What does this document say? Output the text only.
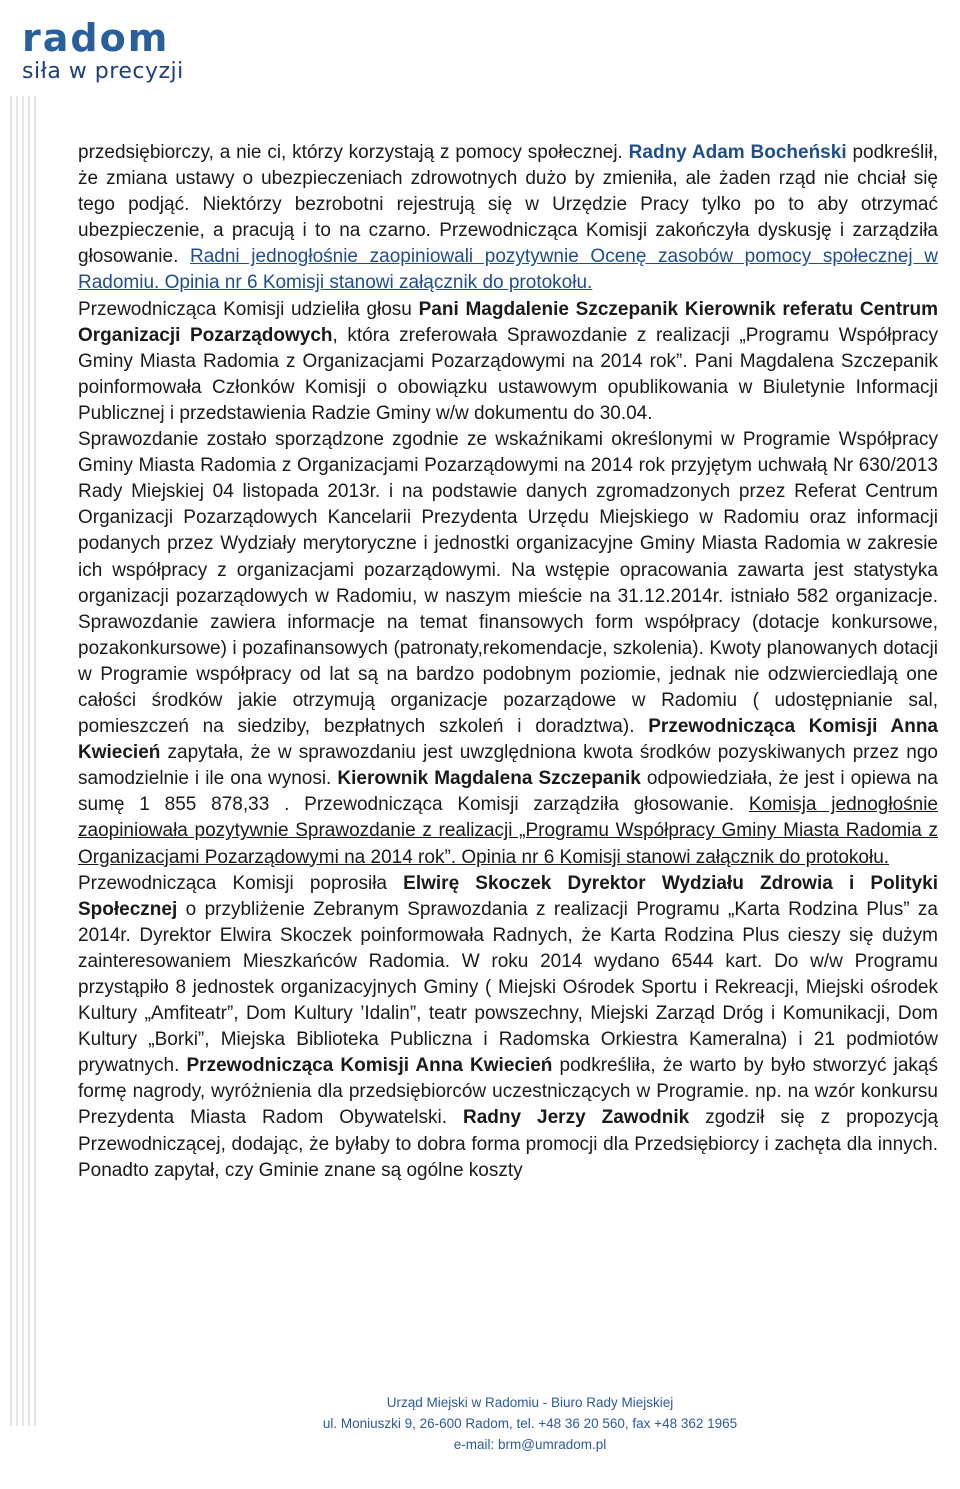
radom
siła w precyzji

przedsiębiorczy, a nie ci, którzy korzystają z pomocy społecznej. Radny Adam Bocheński podkreślił, że zmiana ustawy o ubezpieczeniach zdrowotnych dużo by zmieniła, ale żaden rząd nie chciał się tego podjąć. Niektórzy bezrobotni rejestrują się w Urzędzie Pracy tylko po to aby otrzymać ubezpieczenie, a pracują i to na czarno. Przewodnicząca Komisji zakończyła dyskusję i zarządziła głosowanie. Radni jednogłośnie zaopiniowali pozytywnie Ocenę zasobów pomocy społecznej w Radomiu. Opinia nr 6 Komisji stanowi załącznik do protokołu.

Przewodnicząca Komisji udzieliła głosu Pani Magdalenie Szczepanik Kierownik referatu Centrum Organizacji Pozarządowych, która zreferowała Sprawozdanie z realizacji „Programu Współpracy Gminy Miasta Radomia z Organizacjami Pozarządowymi na 2014 rok”. Pani Magdalena Szczepanik poinformowała Członków Komisji o obowiązku ustawowym opublikowania w Biuletynie Informacji Publicznej i przedstawienia Radzie Gminy w/w dokumentu do 30.04.

Sprawozdanie zostało sporządzone zgodnie ze wskaźnikami określonymi w Programie Współpracy Gminy Miasta Radomia z Organizacjami Pozarządowymi na 2014 rok przyjętym uchwałą Nr 630/2013 Rady Miejskiej 04 listopada 2013r. i na podstawie danych zgromadzonych przez Referat Centrum Organizacji Pozarządowych Kancelarii Prezydenta Urzędu Miejskiego w Radomiu oraz informacji podanych przez Wydziały merytoryczne i jednostki organizacyjne Gminy Miasta Radomia w zakresie ich współpracy z organizacjami pozarządowymi. Na wstępie opracowania zawarta jest statystyka organizacji pozarządowych w Radomiu, w naszym mieście na 31.12.2014r. istniało 582 organizacje. Sprawozdanie zawiera informacje na temat finansowych form współpracy (dotacje konkursowe, pozakonkursowe) i pozafinansowych (patronaty,rekomendacje, szkolenia). Kwoty planowanych dotacji w Programie współpracy od lat są na bardzo podobnym poziomie, jednak nie odzwierciedlają one całości środków jakie otrzymują organizacje pozarządowe w Radomiu ( udostępnianie sal, pomieszczeń na siedziby, bezpłatnych szkoleń i doradztwa). Przewodnicząca Komisji Anna Kwiecień zapytała, że w sprawozdaniu jest uwzględniona kwota środków pozyskiwanych przez ngo samodzielnie i ile ona wynosi. Kierownik Magdalena Szczepanik odpowiedziała, że jest i opiewa na sumę 1 855 878,33 . Przewodnicząca Komisji zarządziła głosowanie. Komisja jednogłośnie zaopiniowała pozytywnie Sprawozdanie z realizacji „Programu Współpracy Gminy Miasta Radomia z Organizacjami Pozarządowymi na 2014 rok”. Opinia nr 6 Komisji stanowi załącznik do protokołu.

Przewodnicząca Komisji poprosiła Elwirę Skoczek Dyrektor Wydziału Zdrowia i Polityki Społecznej o przybliżenie Zebranym Sprawozdania z realizacji Programu „Karta Rodzina Plus” za 2014r. Dyrektor Elwira Skoczek poinformowała Radnych, że Karta Rodzina Plus cieszy się dużym zainteresowaniem Mieszkańców Radomia. W roku 2014 wydano 6544 kart. Do w/w Programu przystąpiło 8 jednostek organizacyjnych Gminy ( Miejski Ośrodek Sportu i Rekreacji, Miejski ośrodek Kultury „Amfiteatr”, Dom Kultury ’Idalin”, teatr powszechny, Miejski Zarząd Dróg i Komunikacji, Dom Kultury „Borki”, Miejska Biblioteka Publiczna i Radomska Orkiestra Kameralna) i 21 podmiotów prywatnych. Przewodnicząca Komisji Anna Kwiecień podkreśliła, że warto by było stworzyć jakąś formę nagrody, wyróżnienia dla przedsiębiorców uczestniczących w Programie. np. na wzór konkursu Prezydenta Miasta Radom Obywatelski. Radny Jerzy Zawodnik zgodził się z propozycją Przewodniczącej, dodając, że byłaby to dobra forma promocji dla Przedsiębiorcy i zachęta dla innych. Ponadto zapytał, czy Gminie znane są ogólne koszty

Urząd Miejski w Radomiu - Biuro Rady Miejskiej
ul. Moniuszki 9, 26-600 Radom, tel. +48 36 20 560, fax +48 362 1965
e-mail: brm@umradom.pl
